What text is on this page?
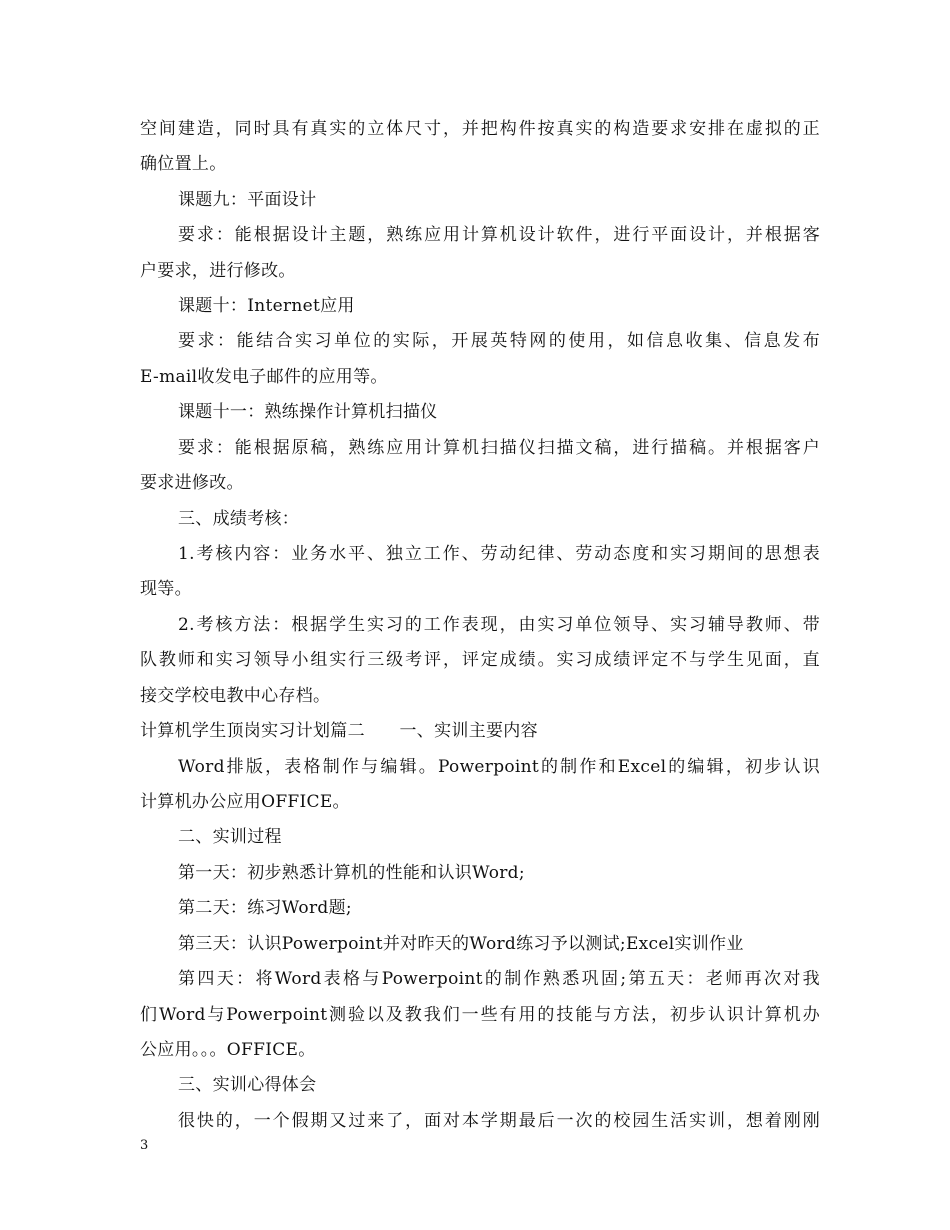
空间建造，同时具有真实的立体尺寸，并把构件按真实的构造要求安排在虚拟的正
确位置上。
课题九：平面设计
要求：能根据设计主题，熟练应用计算机设计软件，进行平面设计，并根据客
户要求，进行修改。
课题十：Internet应用
要求：能结合实习单位的实际，开展英特网的使用，如信息收集、信息发布
E-mail收发电子邮件的应用等。
课题十一：熟练操作计算机扫描仪
要求：能根据原稿，熟练应用计算机扫描仪扫描文稿，进行描稿。并根据客户
要求进修改。
三、成绩考核：
1.考核内容：业务水平、独立工作、劳动纪律、劳动态度和实习期间的思想表
现等。
2.考核方法：根据学生实习的工作表现，由实习单位领导、实习辅导教师、带
队教师和实习领导小组实行三级考评，评定成绩。实习成绩评定不与学生见面，直
接交学校电教中心存档。
计算机学生顶岗实习计划篇二　　一、实训主要内容
Word排版，表格制作与编辑。Powerpoint的制作和Excel的编辑，初步认识
计算机办公应用OFFICE。
二、实训过程
第一天：初步熟悉计算机的性能和认识Word;
第二天：练习Word题;
第三天：认识Powerpoint并对昨天的Word练习予以测试;Excel实训作业
第四天：将Word表格与Powerpoint的制作熟悉巩固;第五天：老师再次对我
们Word与Powerpoint测验以及教我们一些有用的技能与方法，初步认识计算机办
公应用。。。OFFICE。
三、实训心得体会
很快的，一个假期又过来了，面对本学期最后一次的校园生活实训，想着刚刚
3
